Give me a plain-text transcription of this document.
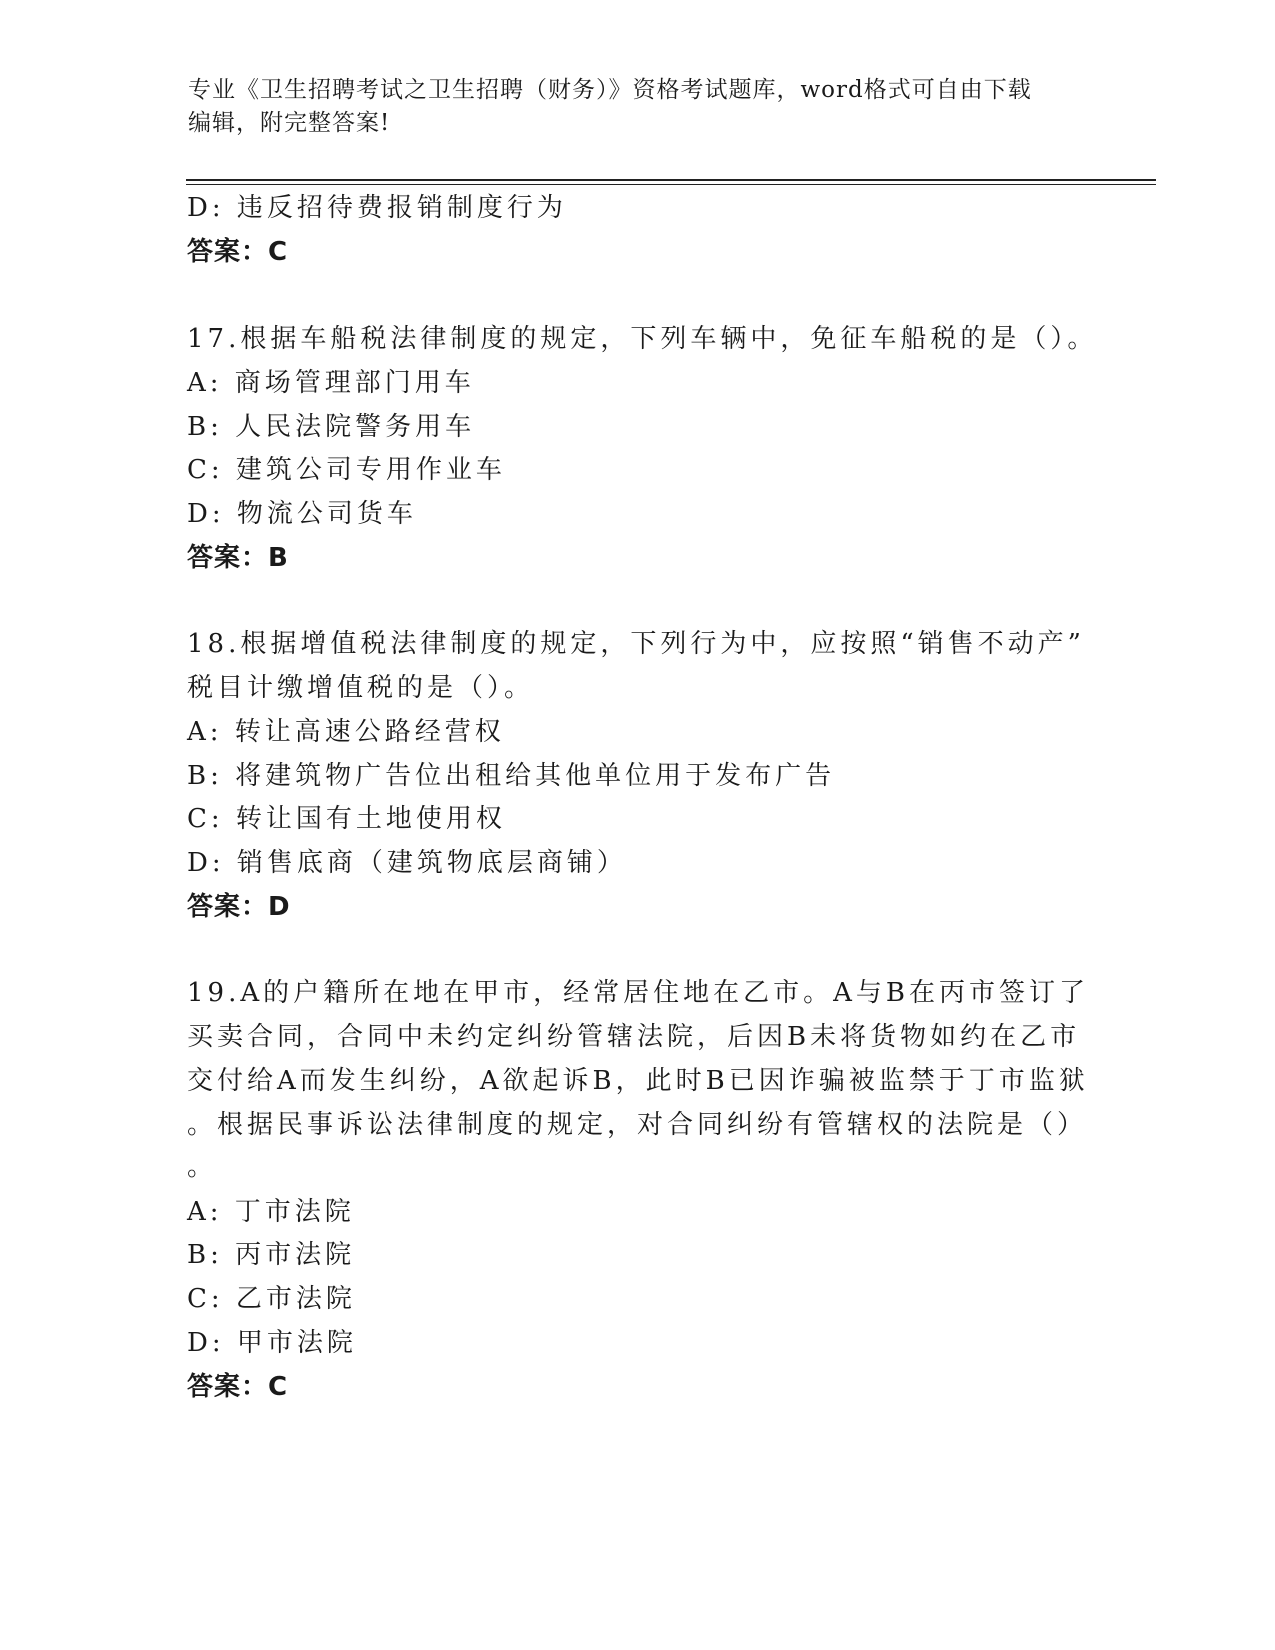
专业《卫生招聘考试之卫生招聘（财务）》资格考试题库，word格式可自由下载
编辑，附完整答案!
D: 违反招待费报销制度行为
答案：C
17.根据车船税法律制度的规定，下列车辆中，免征车船税的是（）。
A: 商场管理部门用车
B: 人民法院警务用车
C: 建筑公司专用作业车
D: 物流公司货车
答案：B
18.根据增值税法律制度的规定，下列行为中，应按照“销售不动产”
税目计缴增值税的是（）。
A: 转让高速公路经营权
B: 将建筑物广告位出租给其他单位用于发布广告
C: 转让国有土地使用权
D: 销售底商（建筑物底层商铺）
答案：D
19.A的户籍所在地在甲市，经常居住地在乙市。A与B在丙市签订了
买卖合同，合同中未约定纠纷管辖法院，后因B未将货物如约在乙市
交付给A而发生纠纷，A欲起诉B，此时B已因诈骗被监禁于丁市监狱
。根据民事诉讼法律制度的规定，对合同纠纷有管辖权的法院是（）
。
A: 丁市法院
B: 丙市法院
C: 乙市法院
D: 甲市法院
答案：C
